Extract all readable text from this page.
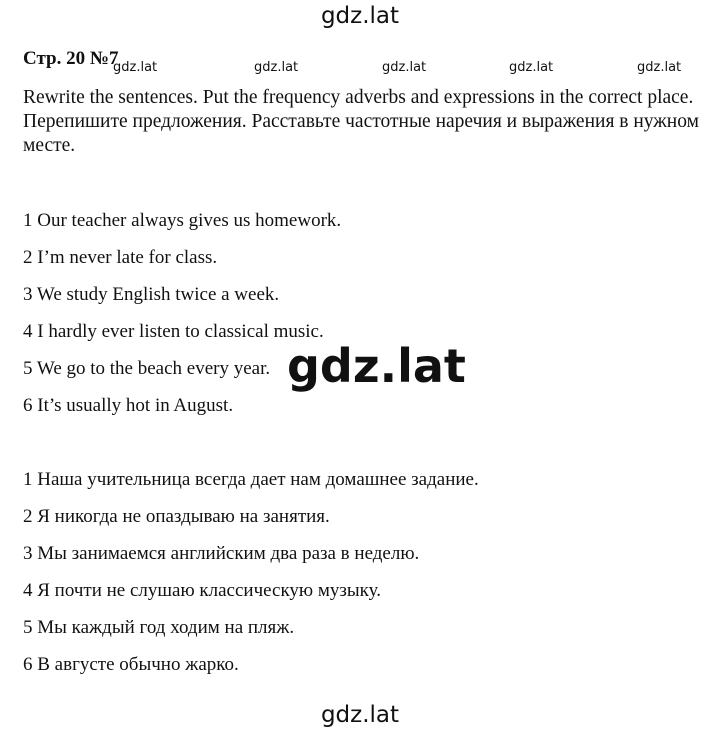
gdz.lat
Стр. 20 №7
gdz.lat	gdz.lat	gdz.lat	gdz.lat	gdz.lat
Rewrite the sentences. Put the frequency adverbs and expressions in the correct place. Перепишите предложения. Расставьте частотные наречия и выражения в нужном месте.
1 Our teacher always gives us homework.
2 I’m never late for class.
3 We study English twice a week.
4 I hardly ever listen to classical music.
5 We go to the beach every year.
6 It’s usually hot in August.
gdz.lat
1 Наша учительница всегда дает нам домашнее задание.
2 Я никогда не опаздываю на занятия.
3 Мы занимаемся английским два раза в неделю.
4 Я почти не слушаю классическую музыку.
5 Мы каждый год ходим на пляж.
6 В августе обычно жарко.
gdz.lat
